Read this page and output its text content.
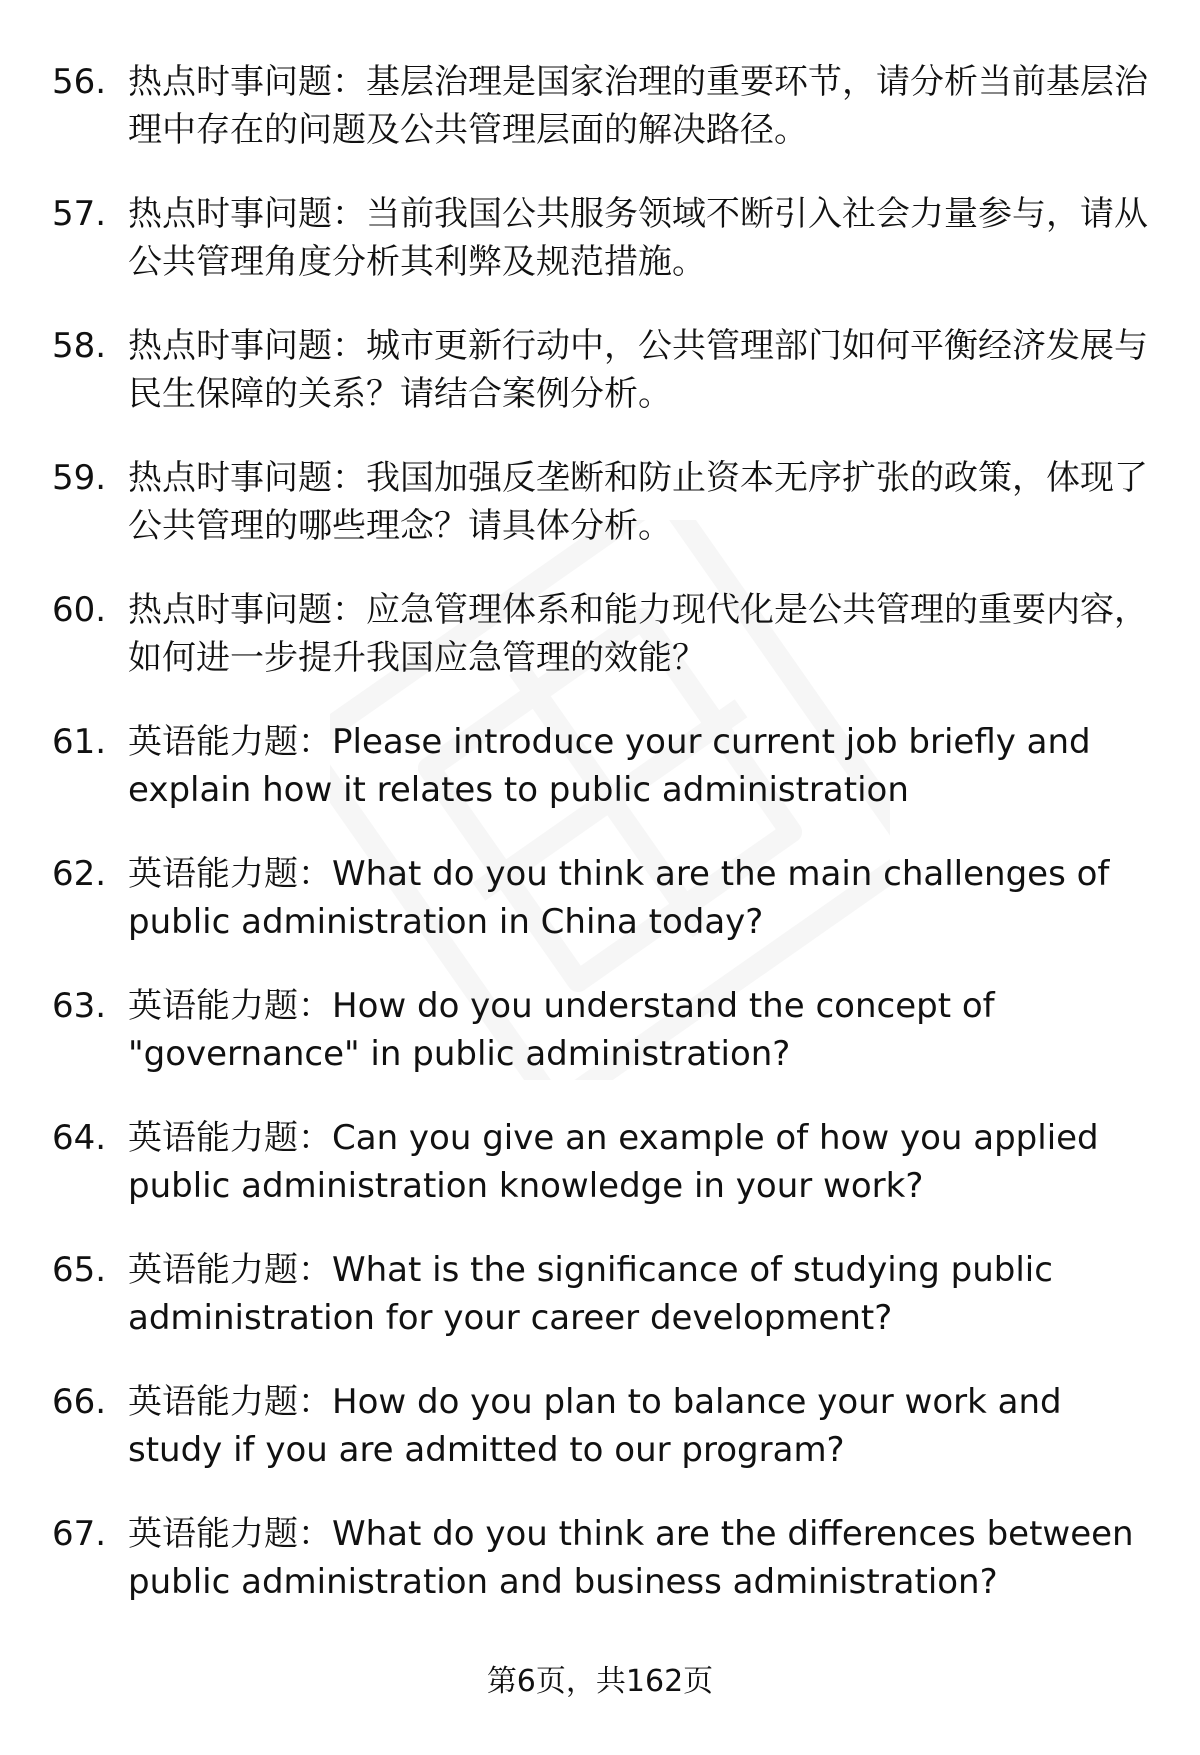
56. 热点时事问题：基层治理是国家治理的重要环节，请分析当前基层治理中存在的问题及公共管理层面的解决路径。
57. 热点时事问题：当前我国公共服务领域不断引入社会力量参与，请从公共管理角度分析其利弊及规范措施。
58. 热点时事问题：城市更新行动中，公共管理部门如何平衡经济发展与民生保障的关系？请结合案例分析。
59. 热点时事问题：我国加强反垄断和防止资本无序扩张的政策，体现了公共管理的哪些理念？请具体分析。
60. 热点时事问题：应急管理体系和能力现代化是公共管理的重要内容，如何进一步提升我国应急管理的效能？
61. 英语能力题：Please introduce your current job briefly and explain how it relates to public administration
62. 英语能力题：What do you think are the main challenges of public administration in China today?
63. 英语能力题：How do you understand the concept of "governance" in public administration?
64. 英语能力题：Can you give an example of how you applied public administration knowledge in your work?
65. 英语能力题：What is the significance of studying public administration for your career development?
66. 英语能力题：How do you plan to balance your work and study if you are admitted to our program?
67. 英语能力题：What do you think are the differences between public administration and business administration?
第6页，共162页
